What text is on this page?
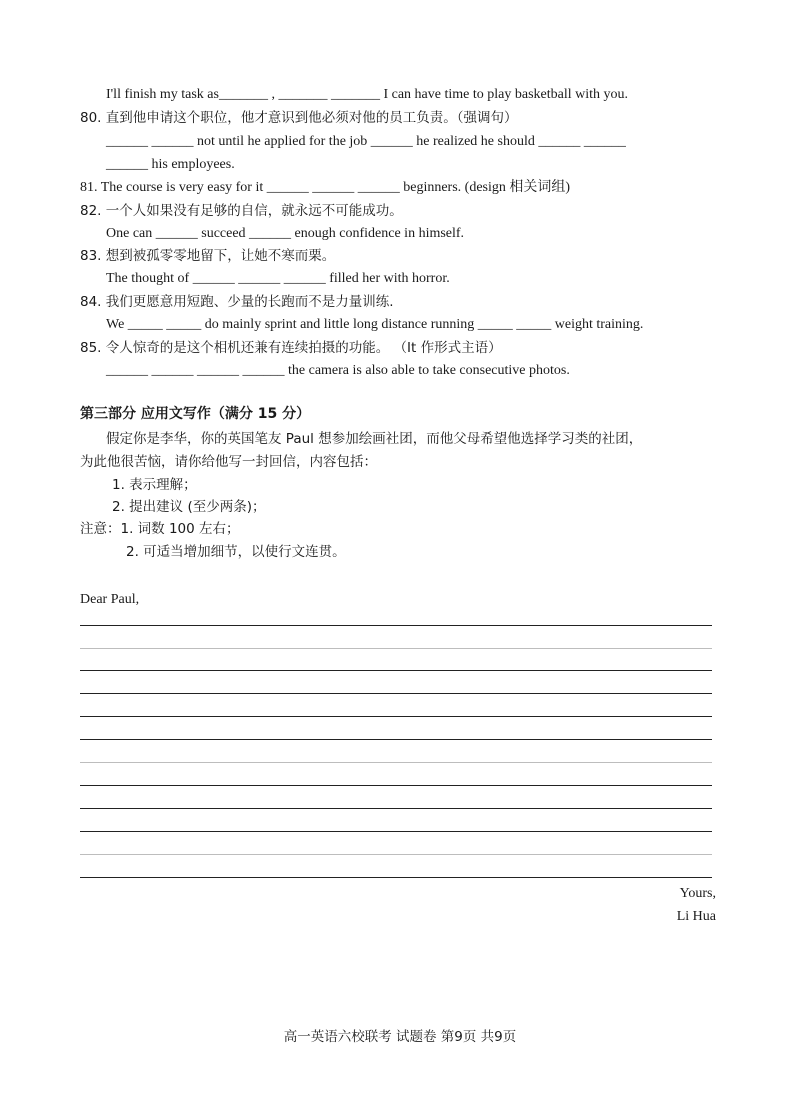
I'll finish my task as_______ , _______ _______ I can have time to play basketball with you.
80. 直到他申请这个职位，他才意识到他必须对他的员工负责。（强调句）
______ ______ not until he applied for the job ______ he realized he should ______ ______
______ his employees.
81. The course is very easy for it ______ ______ ______ beginners. (design 相关词组)
82. 一个人如果没有足够的自信，就永远不可能成功。
One can ______ succeed ______ enough confidence in himself.
83. 想到被孤零零地留下，让她不寒而栗。
The thought of ______ ______ ______ filled her with horror.
84. 我们更愿意用短跑、少量的长跑而不是力量训练.
We _____ _____ do mainly sprint and little long distance running _____ _____ weight training.
85. 令人惊奇的是这个相机还兼有连续拍摄的功能。 （It 作形式主语）
______ ______ ______ ______ the camera is also able to take consecutive photos.
第三部分 应用文写作（满分 15 分）
假定你是李华，你的英国笔友 Paul 想参加绘画社团，而他父母希望他选择学习类的社团，
为此他很苦恼，请你给他写一封回信，内容包括：
1. 表示理解；
2. 提出建议 (至少两条)；
注意：1. 词数 100 左右；
2. 可适当增加细节，以使行文连贯。
Dear Paul,
Yours,
Li Hua
高一英语六校联考 试题卷 第9页 共9页
